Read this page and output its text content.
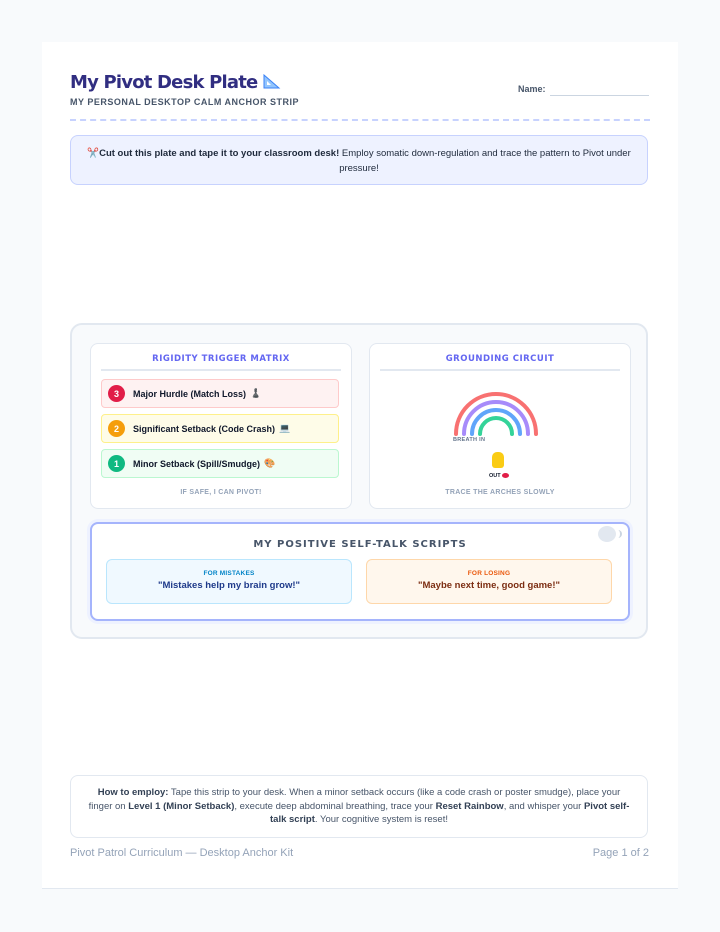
My Pivot Desk Plate
MY PERSONAL DESKTOP CALM ANCHOR STRIP
Name:
✂️Cut out this plate and tape it to your classroom desk! Employ somatic down-regulation and trace the pattern to Pivot under pressure!
RIGIDITY TRIGGER MATRIX
3	Major Hurdle (Match Loss) ♟️
2	Significant Setback (Code Crash) 💻
1	Minor Setback (Spill/Smudge) 🎨
IF SAFE, I CAN PIVOT!
GROUNDING CIRCUIT
BREATH IN
OUT
TRACE THE ARCHES SLOWLY
MY POSITIVE SELF-TALK SCRIPTS
FOR MISTAKES
"Mistakes help my brain grow!"
FOR LOSING
"Maybe next time, good game!"
How to employ: Tape this strip to your desk. When a minor setback occurs (like a code crash or poster smudge), place your finger on Level 1 (Minor Setback), execute deep abdominal breathing, trace your Reset Rainbow, and whisper your Pivot self-talk script. Your cognitive system is reset!
Pivot Patrol Curriculum — Desktop Anchor Kit	Page 1 of 2
